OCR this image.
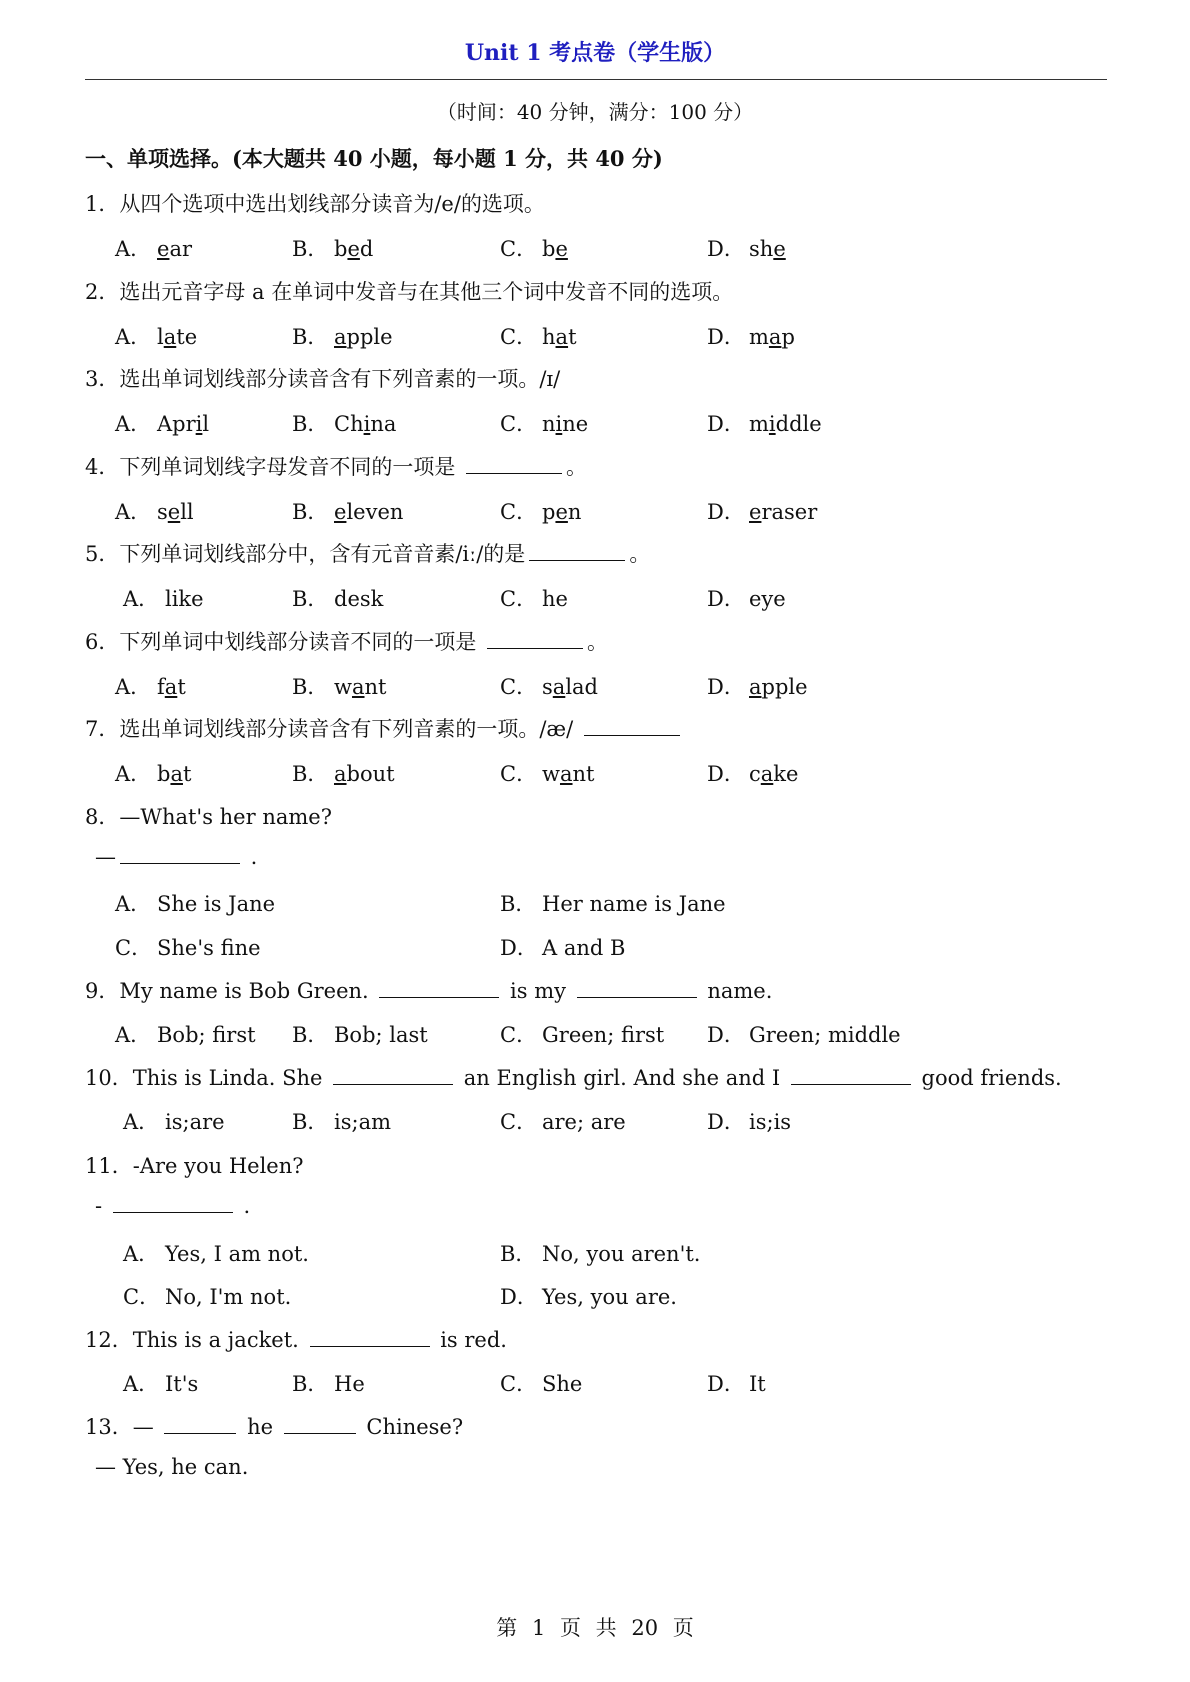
Unit 1 考点卷（学生版）
（时间：40 分钟，满分：100 分）
一、单项选择。(本大题共 40 小题，每小题 1 分，共 40 分)
1．从四个选项中选出划线部分读音为/e/的选项。
A． ear	B． bed	C． be	D． she
2．选出元音字母 a 在单词中发音与在其他三个词中发音不同的选项。
A． late	B． apple	C． hat	D． map
3．选出单词划线部分读音含有下列音素的一项。/ɪ/
A． April	B． China	C． nine	D． middle
4．下列单词划线字母发音不同的一项是	。
A． sell	B． eleven	C． pen	D． eraser
5．下列单词划线部分中，含有元音音素/iː/的是	。
A． like	B． desk	C． he	D． eye
6．下列单词中划线部分读音不同的一项是	。
A． fat	B． want	C． salad	D． apple
7．选出单词划线部分读音含有下列音素的一项。/æ/
A． bat	B． about	C． want	D． cake
8．—What's her name?
—	.
A． She is Jane	B． Her name is Jane
C． She's fine	D． A and B
9．My name is Bob Green.	is my	name.
A． Bob; first B． Bob; last	C． Green; first D． Green; middle
10．This is Linda. She	an English girl. And she and I	good friends.
A． is;are	B． is;am	C． are; are	D． is;is
11．-Are you Helen?
-	.
A． Yes, I am not.	B． No, you aren't.
C． No, I'm not.	D． Yes, you are.
12．This is a jacket.	is red.
A． It's	B． He	C． She	D． It
13．—	he	Chinese?
— Yes, he can.
第 1 页 共 20 页
